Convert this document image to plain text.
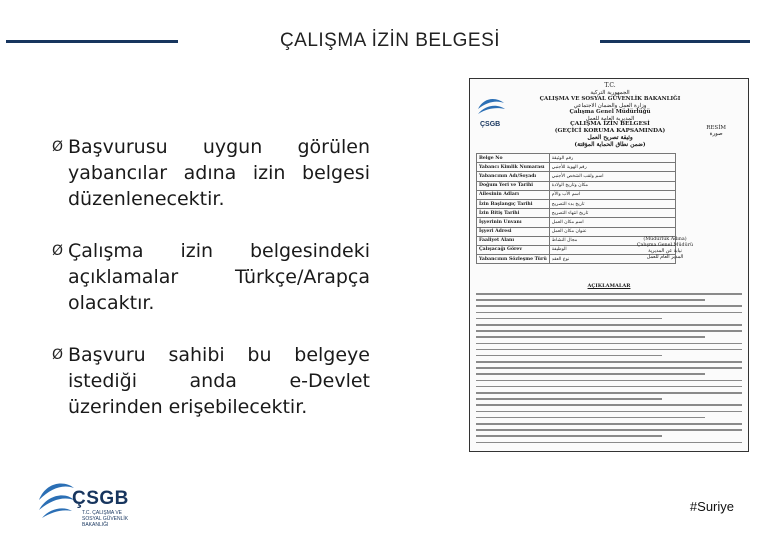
ÇALIŞMA İZİN BELGESİ
Ø Başvurusu uygun görülen yabancılar adına izin belgesi düzenlenecektir.
Ø Çalışma izin belgesindeki açıklamalar Türkçe/Arapça olacaktır.
Ø Başvuru sahibi bu belgeye istediği anda e-Devlet üzerinden erişebilecektir.
T.C.
الجمهورية التركية
ÇALIŞMA VE SOSYAL GÜVENLİK BAKANLIĞI
وزارة العمل والضمان الاجتماعي
Çalışma Genel Müdürlüğü
المديرية العامة للعمل
ÇSGB	RESİM
صورة
ÇALIŞMA İZİN BELGESİ
(GEÇİCİ KORUMA KAPSAMINDA)
وثيقة تصريح العمل
(ضمن نطاق الحماية المؤقتة)
Belge No	رقم الوثيقة
Yabancı Kimlik Numarası	رقم الهوية للأجنبي
Yabancının Adı/Soyadı	اسم ولقب الشخص الأجنبي
Doğum Yeri ve Tarihi	مكان وتاريخ الولادة
Ailesinin Adları	اسم الأب والأم
İzin Başlangıç Tarihi	تاريخ بدء التصريح
İzin Bitiş Tarihi	تاريخ انتهاء التصريح
İşyerinin Unvanı	اسم مكان العمل
İşyeri Adresi	عنوان مكان العمل
Faaliyet Alanı	مجال النشاط
Çalışacağı Görev	الوظيفة
Yabancının Sözleşme Türü	نوع العقد
(Müdürlük Adına)
Çalışma Genel Müdürü
نيابة عن المديرية
المدير العام للعمل
AÇIKLAMALAR
ÇSGB
T.C. ÇALIŞMA VE
SOSYAL GÜVENLİK
BAKANLIĞI
#Suriye
